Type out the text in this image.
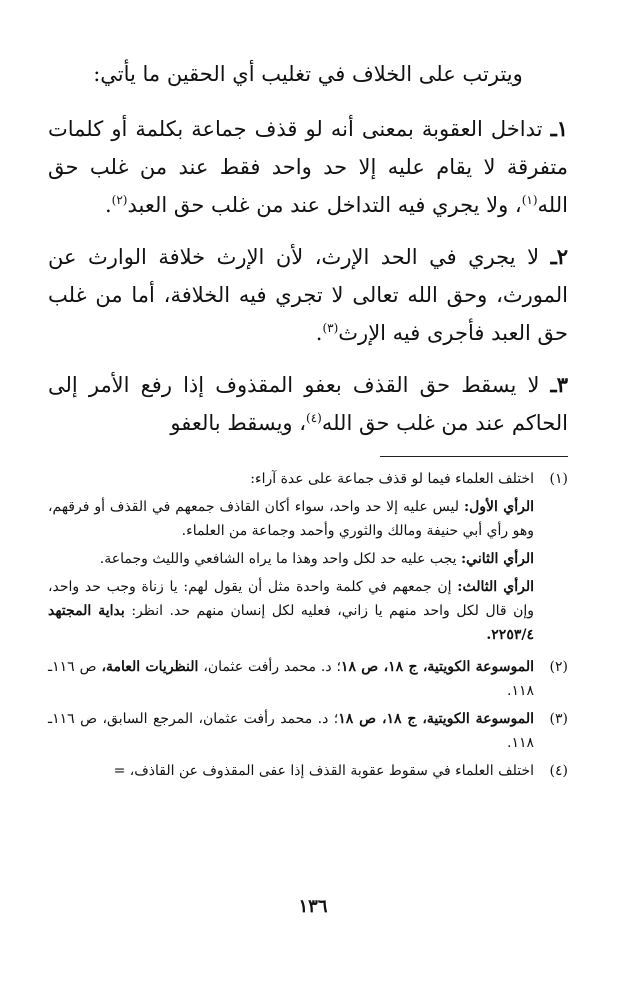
ويترتب على الخلاف في تغليب أي الحقين ما يأتي:

١ـ تداخل العقوبة بمعنى أنه لو قذف جماعة بكلمة أو كلمات متفرقة لا يقام عليه إلا حد واحد فقط عند من غلب حق الله$^{(١)}$، ولا يجري فيه التداخل عند من غلب حق العبد$^{(٢)}$.

٢ـ لا يجري في الحد الإرث، لأن الإرث خلافة الوارث عن المورث، وحق الله تعالى لا تجري فيه الخلافة، أما من غلب حق العبد فأجرى فيه الإرث$^{(٣)}$.

٣ـ لا يسقط حق القذف بعفو المقذوف إذا رفع الأمر إلى الحاكم عند من غلب حق الله$^{(٤)}$، ويسقط بالعفو

(١)

اختلف العلماء فيما لو قذف جماعة على عدة آراء:

الرأي الأول: ليس عليه إلا حد واحد، سواء أكان القاذف جمعهم في القذف أو فرقهم، وهو رأي أبي حنيفة ومالك والثوري وأحمد وجماعة من العلماء.

الرأي الثاني: يجب عليه حد لكل واحد وهذا ما يراه الشافعي والليث وجماعة.

الرأي الثالث: إن جمعهم في كلمة واحدة مثل أن يقول لهم: يا زناة وجب حد واحد، وإن قال لكل واحد منهم يا زاني، فعليه لكل إنسان منهم حد. انظر: بداية المجتهد ٢٢٥٣/٤.

(٢)
الموسوعة الكويتية، ج ١٨، ص ١٨؛ د. محمد رأفت عثمان، النظريات العامة، ص ١١٦ـ ١١٨.
(٣)
الموسوعة الكويتية، ج ١٨، ص ١٨؛ د. محمد رأفت عثمان، المرجع السابق، ص ١١٦ـ ١١٨.
(٤)
اختلف العلماء في سقوط عقوبة القذف إذا عفى المقذوف عن القاذف، =
١٣٦
